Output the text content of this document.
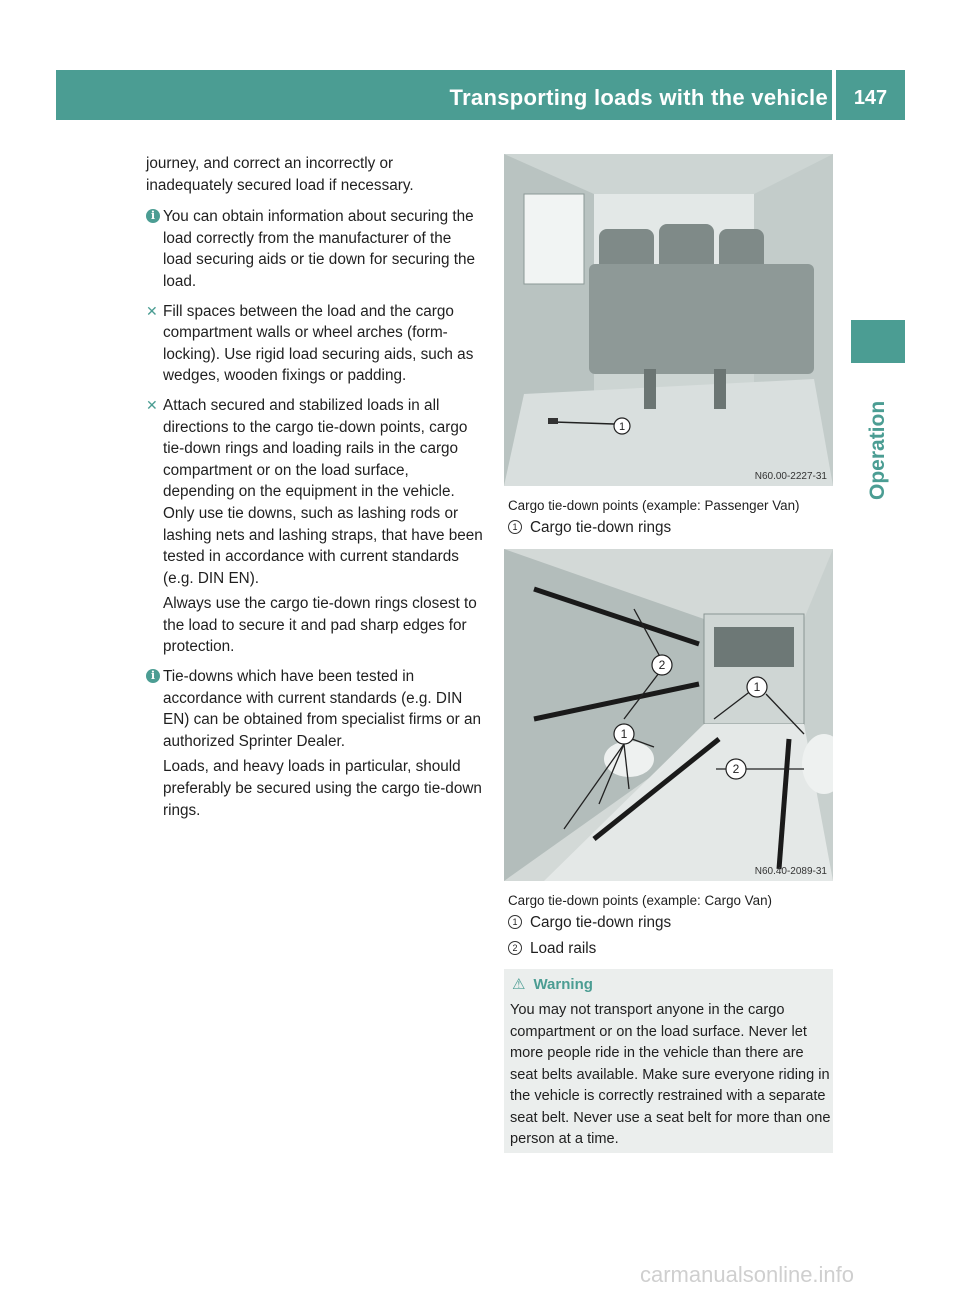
Transporting loads with the vehicle	147
Operation

journey, and correct an incorrectly or inadequately secured load if necessary.

i You can obtain information about securing the load correctly from the manufacturer of the load securing aids or tie down for securing the load.

✕ Fill spaces between the load and the cargo compartment walls or wheel arches (form-locking). Use rigid load securing aids, such as wedges, wooden fixings or padding.

✕ Attach secured and stabilized loads in all directions to the cargo tie-down points, cargo tie-down rings and loading rails in the cargo compartment or on the load surface, depending on the equipment in the vehicle. Only use tie downs, such as lashing rods or lashing nets and lashing straps, that have been tested in accordance with current standards (e.g. DIN EN).

Always use the cargo tie-down rings closest to the load to secure it and pad sharp edges for protection.

i Tie-downs which have been tested in accordance with current standards (e.g. DIN EN) can be obtained from specialist firms or an authorized Sprinter Dealer.

Loads, and heavy loads in particular, should preferably be secured using the cargo tie-down rings.

1
N60.00-2227-31
Cargo tie-down points (example: Passenger Van)
1 Cargo tie-down rings
2
1
1
2
N60.40-2089-31
Cargo tie-down points (example: Cargo Van)
1 Cargo tie-down rings
2 Load rails
⚠ Warning
You may not transport anyone in the cargo compartment or on the load surface. Never let more people ride in the vehicle than there are seat belts available. Make sure everyone riding in the vehicle is correctly restrained with a separate seat belt. Never use a seat belt for more than one person at a time.
carmanualsonline.info
